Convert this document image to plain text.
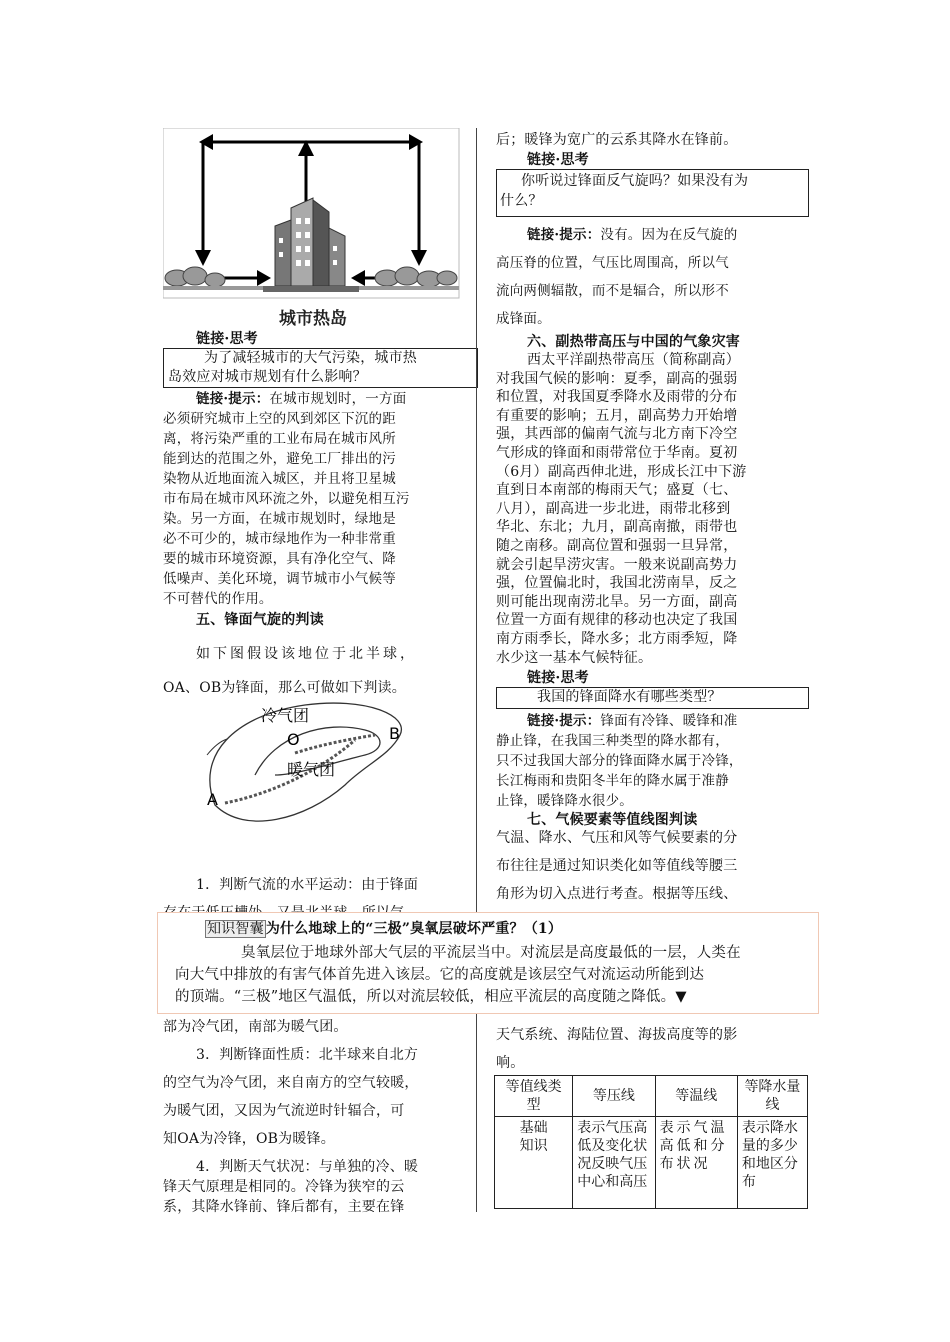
城市热岛
链接·思考
为了减轻城市的大气污染，城市热
岛效应对城市规划有什么影响？
链接·提示：在城市规划时，一方面
必须研究城市上空的风到郊区下沉的距
离，将污染严重的工业布局在城市风所
能到达的范围之外，避免工厂排出的污
染物从近地面流入城区，并且将卫星城
市布局在城市风环流之外，以避免相互污
染。另一方面，在城市规划时，绿地是
必不可少的，城市绿地作为一种非常重
要的城市环境资源，具有净化空气、降
低噪声、美化环境，调节城市小气候等
不可替代的作用。
五、锋面气旋的判读
如下图假设该地位于北半球，
OA、OB为锋面，那么可做如下判读。
冷气团
O
暖气团
A
B
1．判断气流的水平运动：由于锋面
部为冷气团，南部为暖气团。
3．判断锋面性质：北半球来自北方
的空气为冷气团，来自南方的空气较暖，
为暖气团，又因为气流逆时针辐合，可
知OA为冷锋，OB为暖锋。
4．判断天气状况：与单独的冷、暖
锋天气原理是相同的。冷锋为狭窄的云
系，其降水锋前、锋后都有，主要在锋
后；暖锋为宽广的云系其降水在锋前。
链接·思考
你听说过锋面反气旋吗？如果没有为
什么？
链接·提示：没有。因为在反气旋的
高压脊的位置，气压比周围高，所以气
流向两侧辐散，而不是辐合，所以形不
成锋面。
六、副热带高压与中国的气象灾害
西太平洋副热带高压（简称副高）
对我国气候的影响：夏季，副高的强弱
和位置，对我国夏季降水及雨带的分布
有重要的影响；五月，副高势力开始增
强，其西部的偏南气流与北方南下冷空
气形成的锋面和雨带常位于华南。夏初
（6月）副高西伸北进，形成长江中下游
直到日本南部的梅雨天气；盛夏（七、
八月），副高进一步北进，雨带北移到
华北、东北；九月，副高南撤，雨带也
随之南移。副高位置和强弱一旦异常，
就会引起旱涝灾害。一般来说副高势力
强，位置偏北时，我国北涝南旱，反之
则可能出现南涝北旱。另一方面，副高
位置一方面有规律的移动也决定了我国
南方雨季长，降水多；北方雨季短，降
水少这一基本气候特征。
链接·思考
我国的锋面降水有哪些类型？
链接·提示：锋面有冷锋、暖锋和准
静止锋，在我国三种类型的降水都有，
只不过我国大部分的锋面降水属于冷锋，
长江梅雨和贵阳冬半年的降水属于准静
止锋，暖锋降水很少。
七、气候要素等值线图判读
气温、降水、气压和风等气候要素的分
布往往是通过知识类化如等值线等腰三
角形为切入点进行考查。根据等压线、
天气系统、海陆位置、海拔高度等的影
响。
等值线类型	等压线	等温线	等降水量线
基础知识	表示气压高低及变化状况反映气压中心和高压	表示气温高低和分布状况	表示降水量的多少和地区分布
知识智囊 为什么地球上的“三极”臭氧层破坏严重？（1）
臭氧层位于地球外部大气层的平流层当中。对流层是高度最低的一层，人类在
向大气中排放的有害气体首先进入该层。它的高度就是该层空气对流运动所能到达
的顶端。“三极”地区气温低，所以对流层较低，相应平流层的高度随之降低。▼
